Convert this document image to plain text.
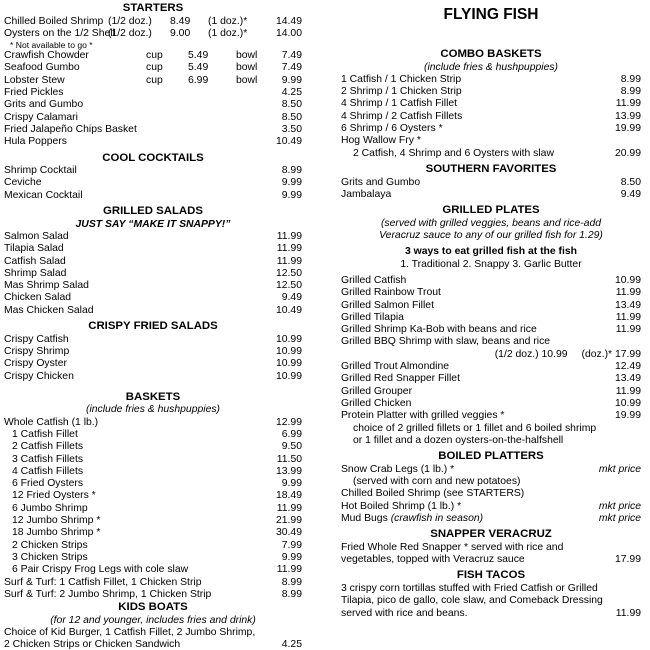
STARTERS
Chilled Boiled Shrimp (1/2 doz.)	8.49	(1 doz.)*	14.49
Oysters on the 1/2 Shell
(1/2 doz.)	9.00	(1 doz.)*	14.00
* Not available to go *
Crawfish Chowder	cup	5.49	bowl	7.49
Seafood Gumbo	cup	5.49	bowl	7.49
Lobster Stew	cup	6.99	bowl	9.99
Fried Pickles	4.25
Grits and Gumbo	8.50
Crispy Calamari	8.50
Fried Jalapeño Chips Basket	3.50
Hula Poppers	10.49
COOL COCKTAILS
Shrimp Cocktail	8.99
Ceviche	9.99
Mexican Cocktail	9.99
GRILLED SALADS
JUST SAY “MAKE IT SNAPPY!”
Salmon Salad	11.99
Tilapia Salad	11.99
Catfish Salad	11.99
Shrimp Salad	12.50
Mas Shrimp Salad	12.50
Chicken Salad	9.49
Mas Chicken Salad	10.49
CRISPY FRIED SALADS
Crispy Catfish	10.99
Crispy Shrimp	10.99
Crispy Oyster	10.99
Crispy Chicken	10.99
BASKETS
(include fries & hushpuppies)
Whole Catfish (1 lb.)	12.99
1 Catfish Fillet	6.99
2 Catfish Fillets	9.50
3 Catfish Fillets	11.50
4 Catfish Fillets	13.99
6 Fried Oysters	9.99
12 Fried Oysters *	18.49
6 Jumbo Shrimp	11.99
12 Jumbo Shrimp *	21.99
18 Jumbo Shrimp *	30.49
2 Chicken Strips	7.99
3 Chicken Strips	9.99
6 Pair Crispy Frog Legs with cole slaw	11.99
Surf & Turf: 1 Catfish Fillet, 1 Chicken Strip	8.99
Surf & Turf: 2 Jumbo Shrimp, 1 Chicken Strip	8.99
KIDS BOATS
(for 12 and younger, includes fries and drink)
Choice of Kid Burger, 1 Catfish Fillet, 2 Jumbo Shrimp,
2 Chicken Strips or Chicken Sandwich	4.25
FLYING FISH
COMBO BASKETS
(include fries & hushpuppies)
1 Catfish / 1 Chicken Strip	8.99
2 Shrimp / 1 Chicken Strip	8.99
4 Shrimp / 1 Catfish Fillet	11.99
4 Shrimp / 2 Catfish Fillets	13.99
6 Shrimp / 6 Oysters *	19.99
Hog Wallow Fry *
2 Catfish, 4 Shrimp and 6 Oysters with slaw	20.99
SOUTHERN FAVORITES
Grits and Gumbo	8.50
Jambalaya	9.49
GRILLED PLATES
(served with grilled veggies, beans and rice-add
Veracruz sauce to any of our grilled fish for 1.29)
3 ways to eat grilled fish at the fish
1. Traditional 2. Snappy 3. Garlic Butter
Grilled Catfish	10.99
Grilled Rainbow Trout	11.99
Grilled Salmon Fillet	13.49
Grilled Tilapia	11.99
Grilled Shrimp Ka-Bob with beans and rice	11.99
Grilled BBQ Shrimp with slaw, beans and rice
(1/2 doz.) 10.99	(doz.)* 17.99
Grilled Trout Almondine	12.49
Grilled Red Snapper Fillet	13.49
Grilled Grouper	11.99
Grilled Chicken	10.99
Protein Platter with grilled veggies *	19.99
choice of 2 grilled fillets or 1 fillet and 6 boiled shrimp
or 1 fillet and a dozen oysters-on-the-halfshell
BOILED PLATTERS
Snow Crab Legs (1 lb.) *	mkt price
(served with corn and new potatoes)
Chilled Boiled Shrimp (see STARTERS)
Hot Boiled Shrimp (1 lb.) *	mkt price
Mud Bugs (crawfish in season)	mkt price
SNAPPER VERACRUZ
Fried Whole Red Snapper * served with rice and
vegetables, topped with Veracruz sauce	17.99
FISH TACOS
3 crispy corn tortillas stuffed with Fried Catfish or Grilled
Tilapia, pico de gallo, cole slaw, and Comeback Dressing
served with rice and beans.	11.99
